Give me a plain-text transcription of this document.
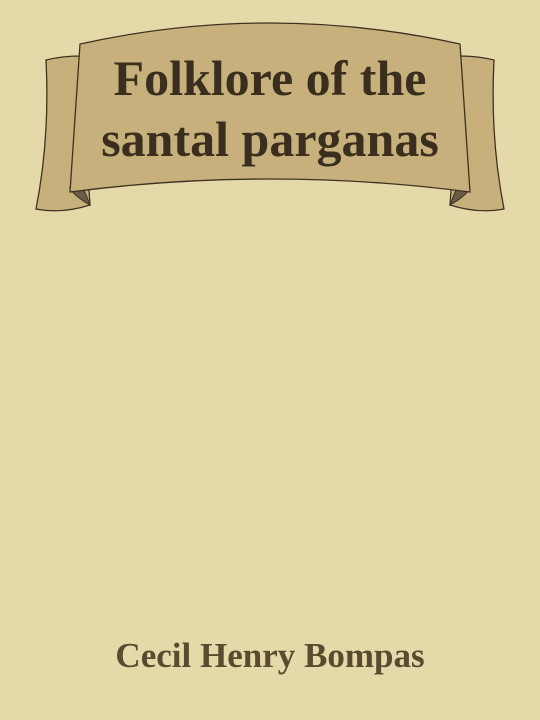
Folklore of the
santal parganas
Cecil Henry Bompas
